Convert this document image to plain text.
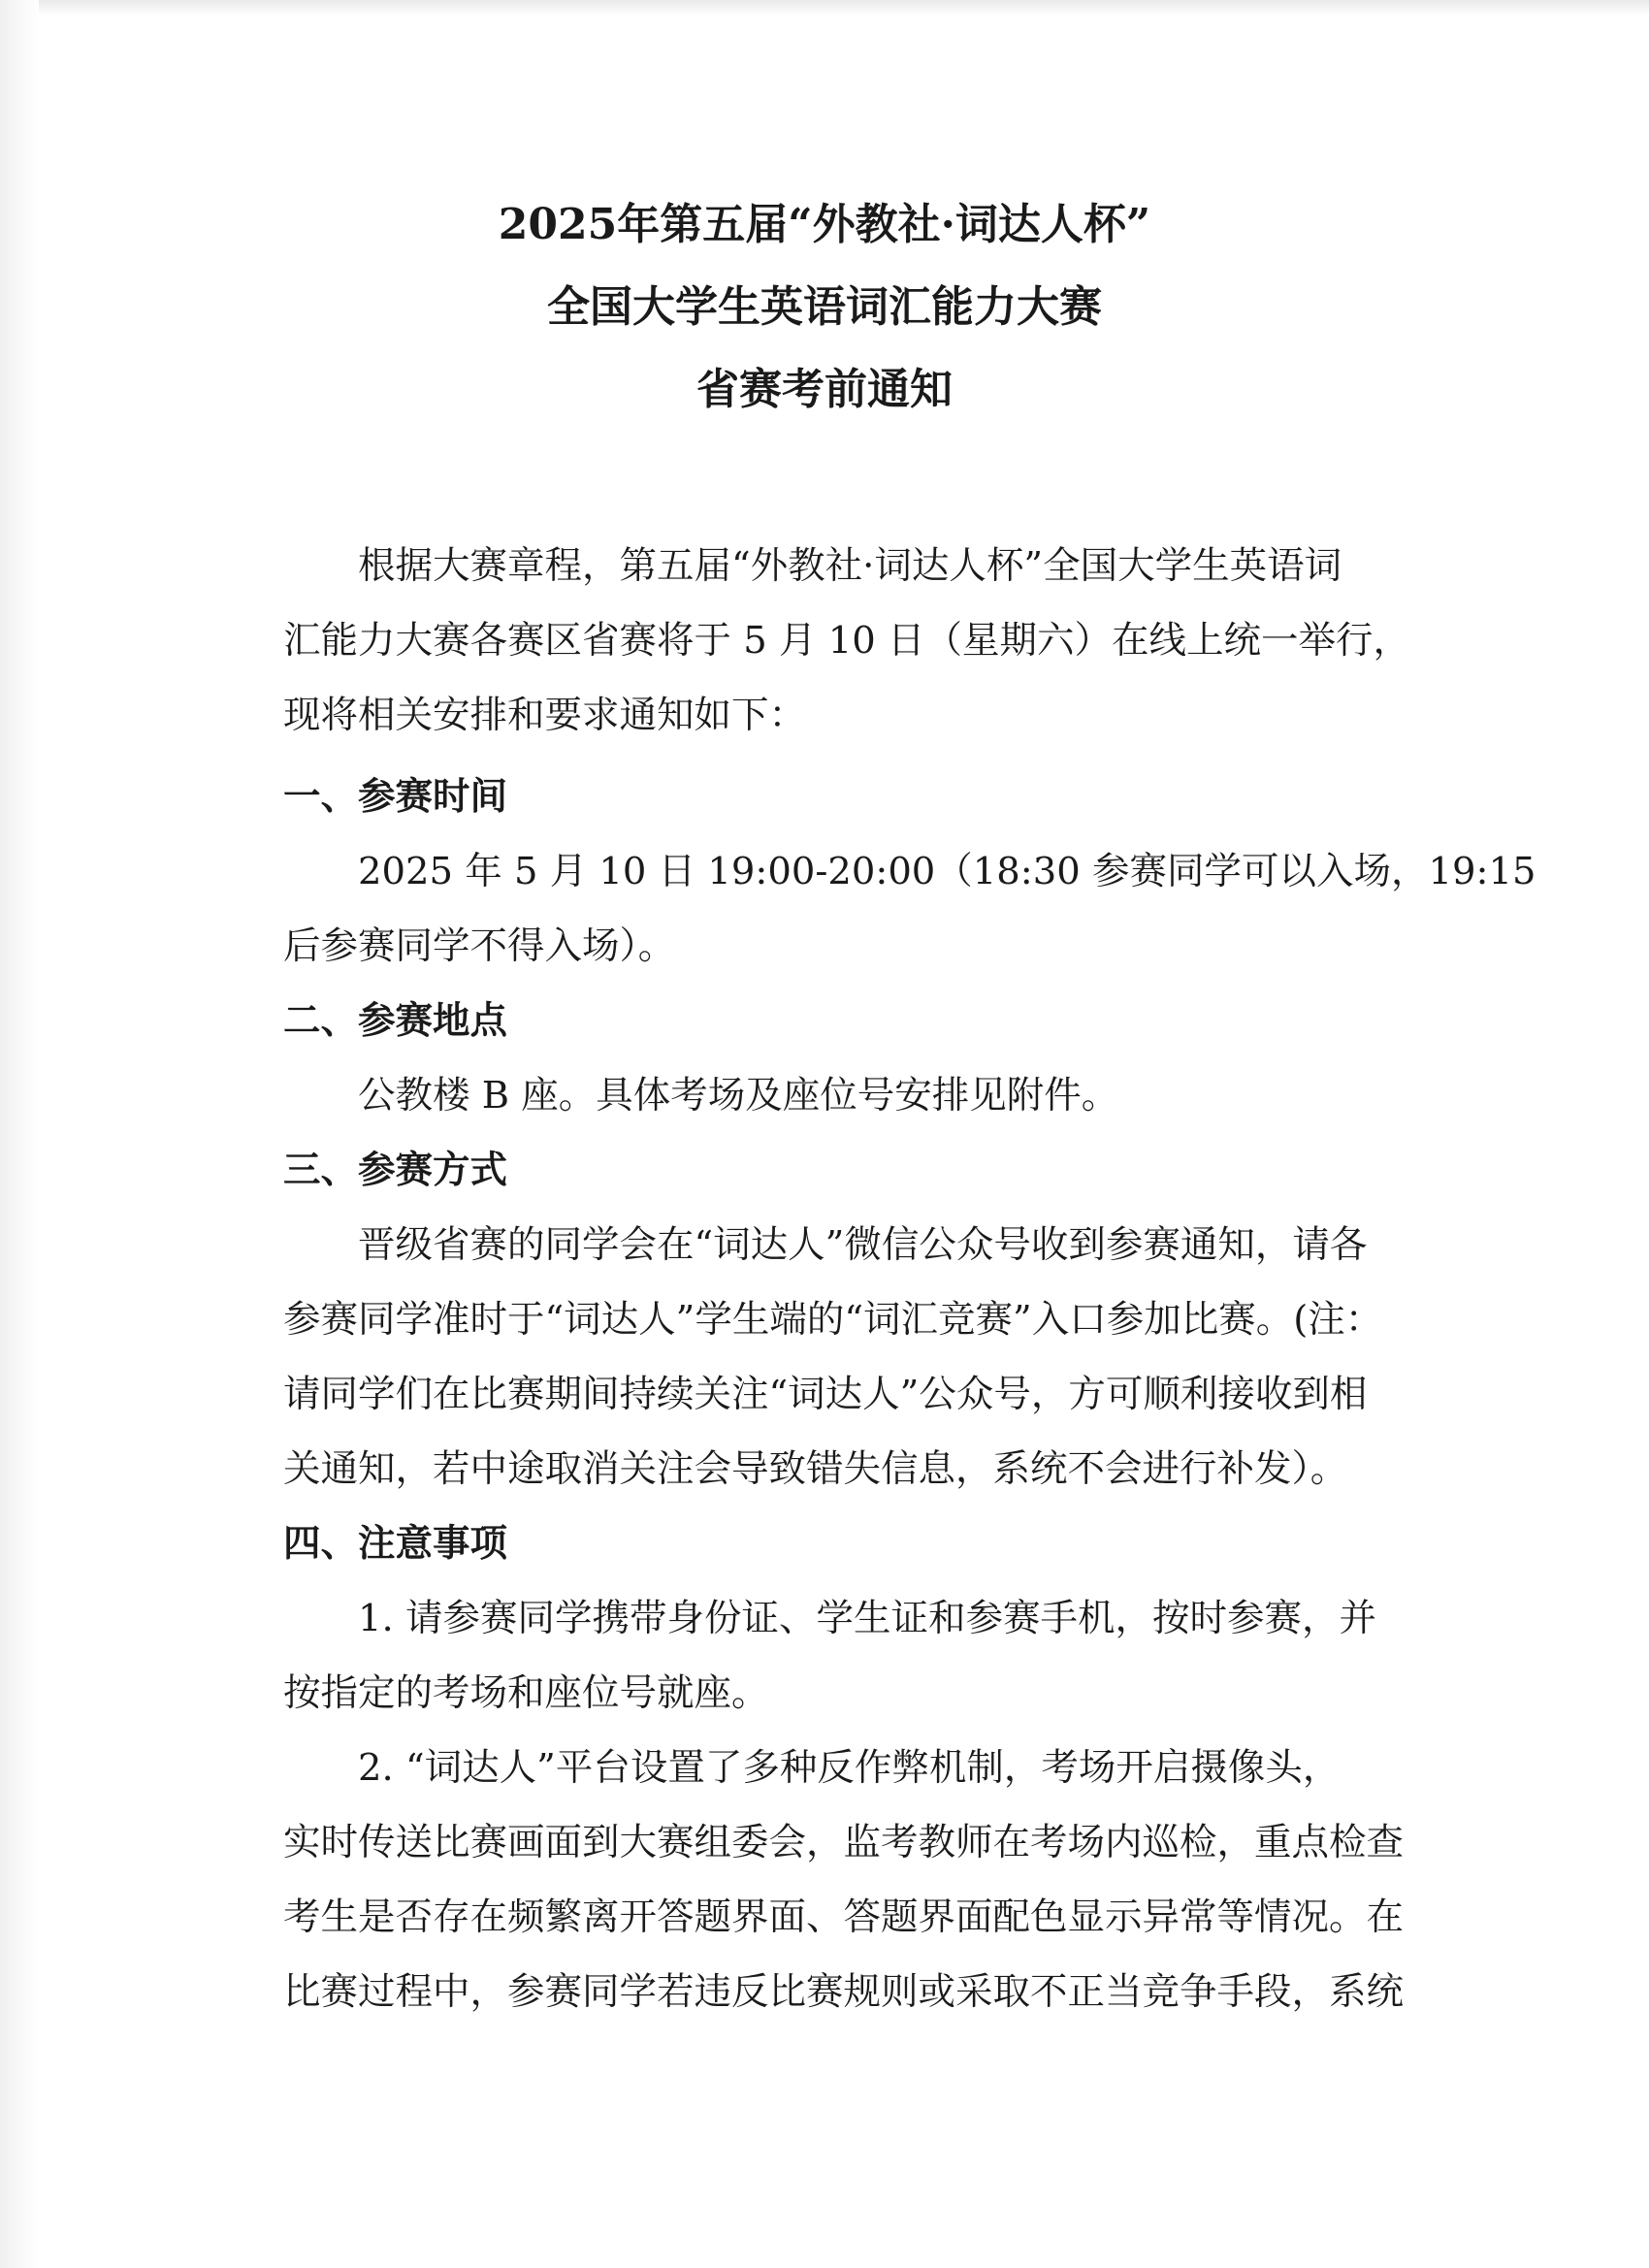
2025年第五届“外教社·词达人杯”
全国大学生英语词汇能力大赛
省赛考前通知
根据大赛章程，第五届“外教社·词达人杯”全国大学生英语词
汇能力大赛各赛区省赛将于 5 月 10 日（星期六）在线上统一举行，
现将相关安排和要求通知如下：
一、参赛时间
2025 年 5 月 10 日 19:00-20:00（18:30 参赛同学可以入场，19:15
后参赛同学不得入场）。
二、参赛地点
公教楼 B 座。具体考场及座位号安排见附件。
三、参赛方式
晋级省赛的同学会在“词达人”微信公众号收到参赛通知，请各
参赛同学准时于“词达人”学生端的“词汇竞赛”入口参加比赛。(注：
请同学们在比赛期间持续关注“词达人”公众号，方可顺利接收到相
关通知，若中途取消关注会导致错失信息，系统不会进行补发）。
四、注意事项
1. 请参赛同学携带身份证、学生证和参赛手机，按时参赛，并
按指定的考场和座位号就座。
2. “词达人”平台设置了多种反作弊机制，考场开启摄像头，
实时传送比赛画面到大赛组委会，监考教师在考场内巡检，重点检查
考生是否存在频繁离开答题界面、答题界面配色显示异常等情况。在
比赛过程中，参赛同学若违反比赛规则或采取不正当竞争手段，系统
